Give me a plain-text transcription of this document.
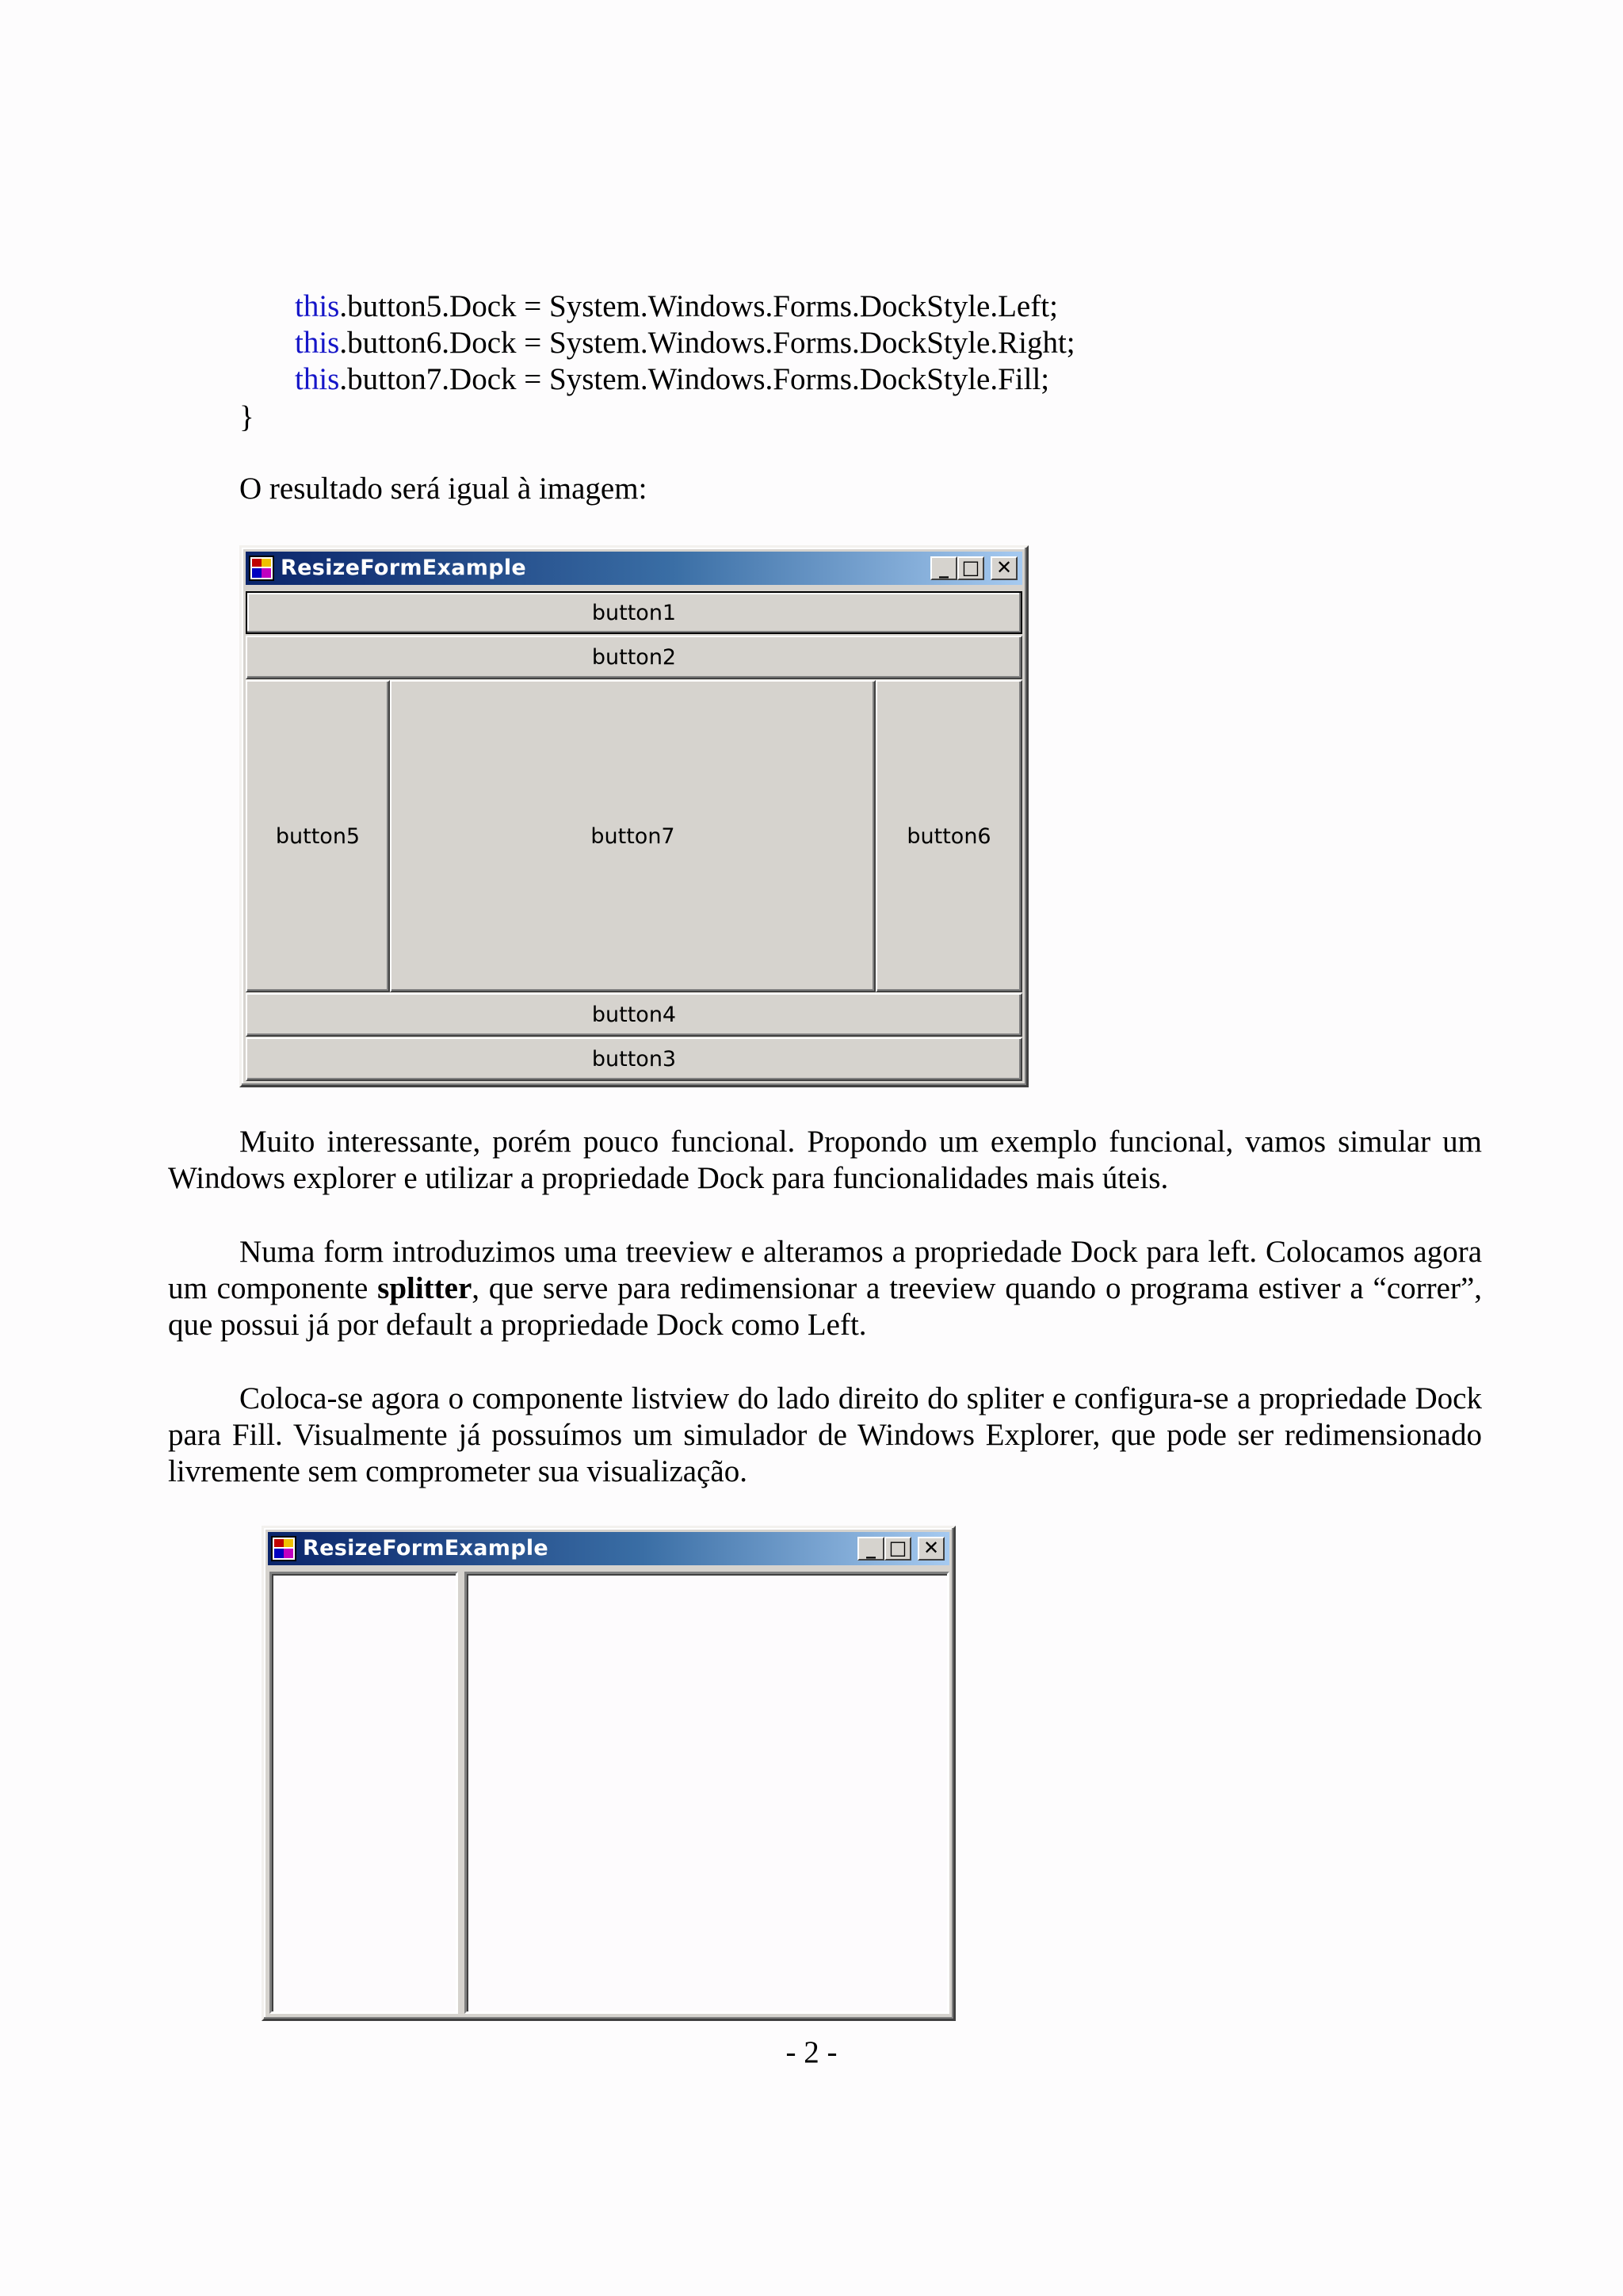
this.button5.Dock = System.Windows.Forms.DockStyle.Left;
this.button6.Dock = System.Windows.Forms.DockStyle.Right;
this.button7.Dock = System.Windows.Forms.DockStyle.Fill;
}
O resultado será igual à imagem:
ResizeFormExample	_ □ ✕
button1
button2
button5	button7	button6
button4
button3
Muito interessante, porém pouco funcional. Propondo um exemplo funcional, vamos simular um Windows explorer e utilizar a propriedade Dock para funcionalidades mais úteis.
Numa form introduzimos uma treeview e alteramos a propriedade Dock para left. Colocamos agora um componente splitter, que serve para redimensionar a treeview quando o programa estiver a “correr”, que possui já por default a propriedade Dock como Left.
Coloca-se agora o componente listview do lado direito do spliter e configura-se a propriedade Dock para Fill. Visualmente já possuímos um simulador de Windows Explorer, que pode ser redimensionado livremente sem comprometer sua visualização.
ResizeFormExample	_ □ ✕
- 2 -
